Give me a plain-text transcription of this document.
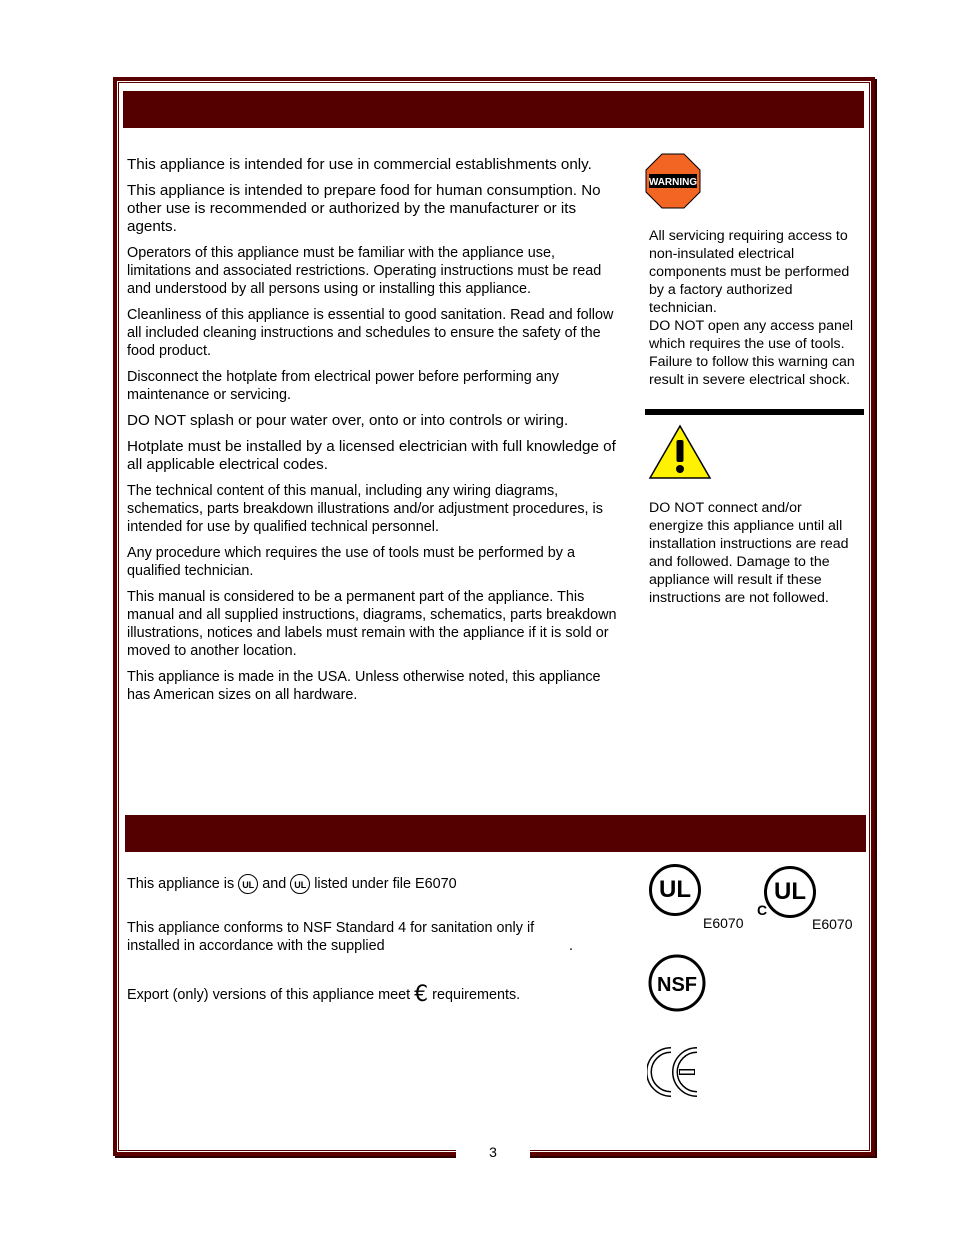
3

This appliance is intended for use in commercial establishments only.

This appliance is intended to prepare food for human consumption. No other use is recommended or authorized by the manufacturer or its agents.

Operators of this appliance must be familiar with the appliance use, limitations and associated restrictions. Operating instructions must be read and understood by all persons using or installing this appliance.

Cleanliness of this appliance is essential to good sanitation. Read and follow all included cleaning instructions and schedules to ensure the safety of the food product.

Disconnect the hotplate from electrical power before performing any maintenance or servicing.

DO NOT splash or pour water over, onto or into controls or wiring.

Hotplate must be installed by a licensed electrician with full knowledge of all applicable electrical codes.

The technical content of this manual, including any wiring diagrams, schematics, parts breakdown illustrations and/or adjustment procedures, is intended for use by qualified technical personnel.

Any procedure which requires the use of tools must be performed by a qualified technician.

This manual is considered to be a permanent part of the appliance. This manual and all supplied instructions, diagrams, schematics, parts breakdown illustrations, notices and labels must remain with the appliance if it is sold or moved to another location.

This appliance is made in the USA. Unless otherwise noted, this appliance has American sizes on all hardware.

WARNING
All servicing requiring access to non-insulated electrical components must be performed by a factory authorized technician.
DO NOT open any access panel which requires the use of tools. Failure to follow this warning can result in severe electrical shock.
DO NOT connect and/or energize this appliance until all installation instructions are read and followed. Damage to the appliance will result if these instructions are not followed.
This appliance is UL and UL listed under file E6070
This appliance conforms to NSF Standard 4 for sanitation only if
installed in accordance with the supplied	.
Export (only) versions of this appliance meet € requirements.
UL
E6070
UL
C
E6070
NSF
